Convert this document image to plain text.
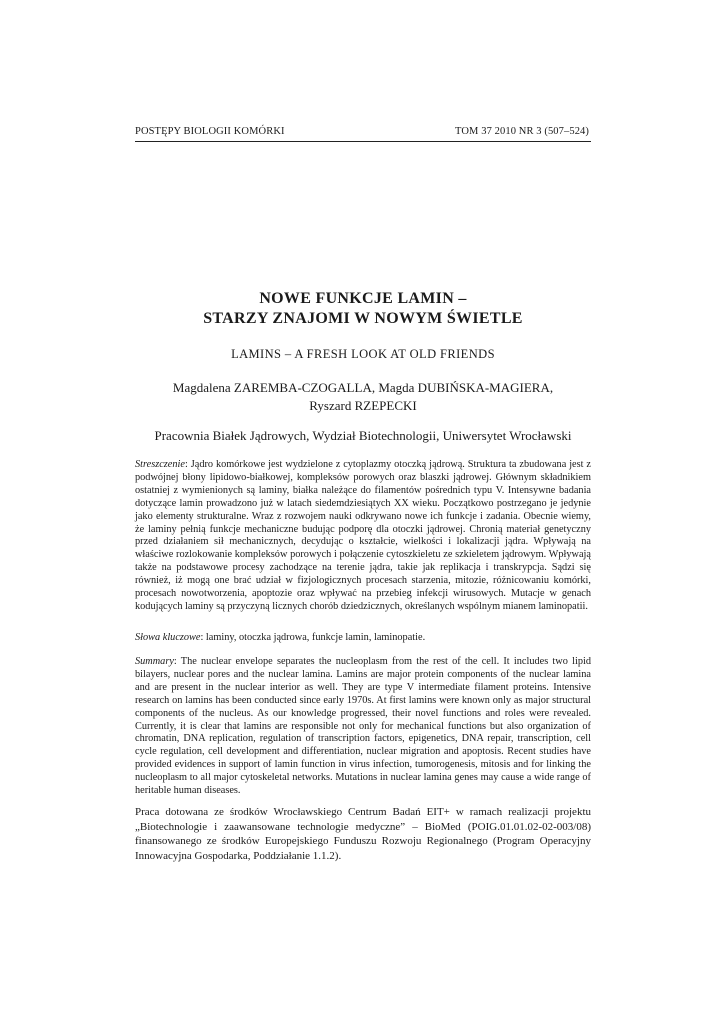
POSTĘPY BIOLOGII KOMÓRKI	TOM 37 2010 NR 3 (507–524)
NOWE FUNKCJE LAMIN –
STARZY ZNAJOMI W NOWYM ŚWIETLE
LAMINS – A FRESH LOOK AT OLD FRIENDS
Magdalena ZAREMBA-CZOGALLA, Magda DUBIŃSKA-MAGIERA,
Ryszard RZEPECKI
Pracownia Białek Jądrowych, Wydział Biotechnologii, Uniwersytet Wrocławski
Streszczenie: Jądro komórkowe jest wydzielone z cytoplazmy otoczką jądrową. Struktura ta zbudowana jest z podwójnej błony lipidowo-białkowej, kompleksów porowych oraz blaszki jądrowej. Głównym składnikiem ostatniej z wymienionych są laminy, białka należące do filamentów pośrednich typu V. Intensywne badania dotyczące lamin prowadzono już w latach siedemdziesiątych XX wieku. Początkowo postrzegano je jedynie jako elementy strukturalne. Wraz z rozwojem nauki odkrywano nowe ich funkcje i zadania. Obecnie wiemy, że laminy pełnią funkcje mechaniczne budując podporę dla otoczki jądrowej. Chronią materiał genetyczny przed działaniem sił mechanicznych, decydując o kształcie, wielkości i lokalizacji jądra. Wpływają na właściwe rozlokowanie kompleksów porowych i połączenie cytoszkieletu ze szkieletem jądrowym. Wpływają także na podstawowe procesy zachodzące na terenie jądra, takie jak replikacja i transkrypcja. Sądzi się również, iż mogą one brać udział w fizjologicznych procesach starzenia, mitozie, różnicowaniu komórki, procesach nowotworzenia, apoptozie oraz wpływać na przebieg infekcji wirusowych. Mutacje w genach kodujących laminy są przyczyną licznych chorób dziedzicznych, określanych wspólnym mianem laminopatii.
Słowa kluczowe: laminy, otoczka jądrowa, funkcje lamin, laminopatie.
Summary: The nuclear envelope separates the nucleoplasm from the rest of the cell. It includes two lipid bilayers, nuclear pores and the nuclear lamina. Lamins are major protein components of the nuclear lamina and are present in the nuclear interior as well. They are type V intermediate filament proteins. Intensive research on lamins has been conducted since early 1970s. At first lamins were known only as major structural components of the nucleus. As our knowledge progressed, their novel functions and roles were revealed. Currently, it is clear that lamins are responsible not only for mechanical functions but also organization of chromatin, DNA replication, regulation of transcription factors, epigenetics, DNA repair, transcription, cell cycle regulation, cell development and differentiation, nuclear migration and apoptosis. Recent studies have provided evidences in support of lamin function in virus infection, tumorogenesis, mitosis and for linking the nucleoplasm to all major cytoskeletal networks. Mutations in nuclear lamina genes may cause a wide range of heritable human diseases.
Praca dotowana ze środków Wrocławskiego Centrum Badań EIT+ w ramach realizacji projektu „Biotechnologie i zaawansowane technologie medyczne” – BioMed (POIG.01.01.02-02-003/08) finansowanego ze środków Europejskiego Funduszu Rozwoju Regionalnego (Program Operacyjny Innowacyjna Gospodarka, Poddziałanie 1.1.2).
